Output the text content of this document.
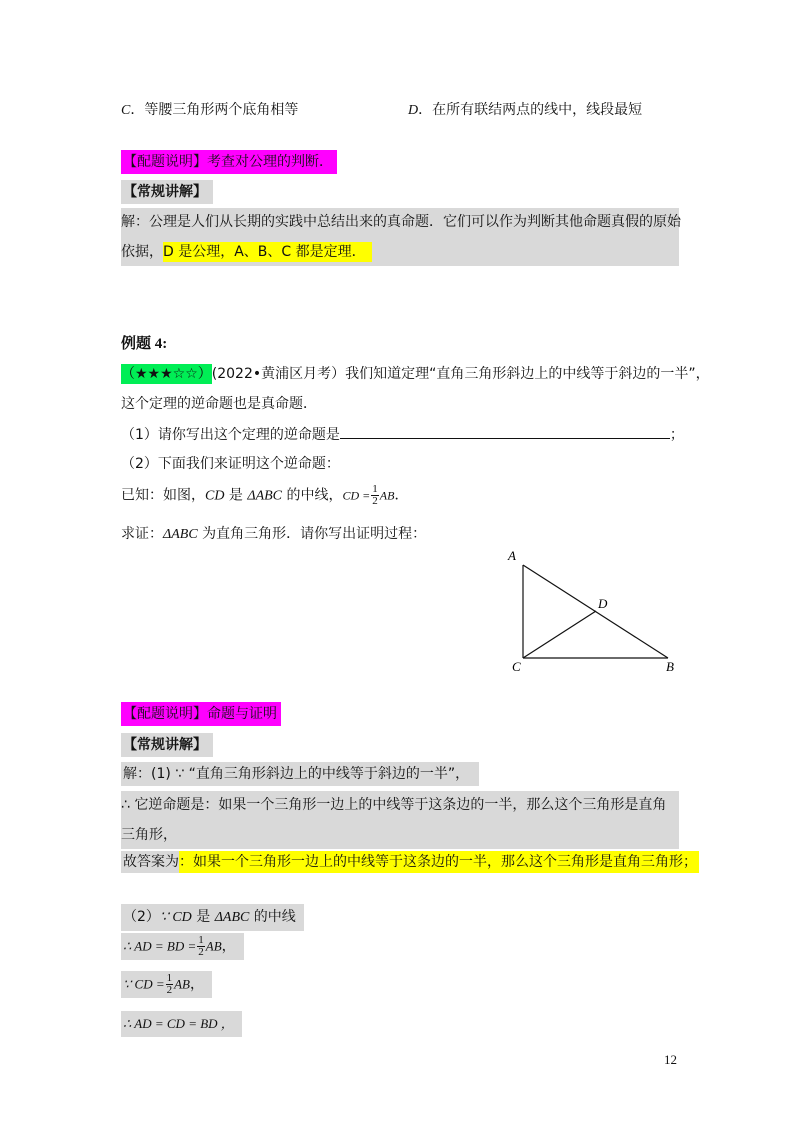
C．等腰三角形两个底角相等	D．在所有联结两点的线中，线段最短
【配题说明】考查对公理的判断．
【常规讲解】
解：公理是人们从长期的实践中总结出来的真命题．它们可以作为判断其他命题真假的原始
依据，D 是公理，A、B、C 都是定理．
例题 4:
（★★★☆☆）(2022•黄浦区月考）我们知道定理“直角三角形斜边上的中线等于斜边的一半”，
这个定理的逆命题也是真命题．
（1）请你写出这个定理的逆命题是	；
（2）下面我们来证明这个逆命题：
已知：如图，CD 是 ΔABC 的中线，CD = $\frac{1}{2}$ AB．
求证：ΔABC 为直角三角形．请你写出证明过程：
A
D
C	B
【配题说明】命题与证明
【常规讲解】
解：(1) ∵ “直角三角形斜边上的中线等于斜边的一半”，
∴ 它逆命题是：如果一个三角形一边上的中线等于这条边的一半，那么这个三角形是直角
三角形，
故答案为：如果一个三角形一边上的中线等于这条边的一半，那么这个三角形是直角三角形；
（2）∵ CD 是 ΔABC 的中线
∴ AD = BD = $\frac{1}{2}$ AB，
∵ CD = $\frac{1}{2}$ AB，
∴ AD = CD = BD ，
12
